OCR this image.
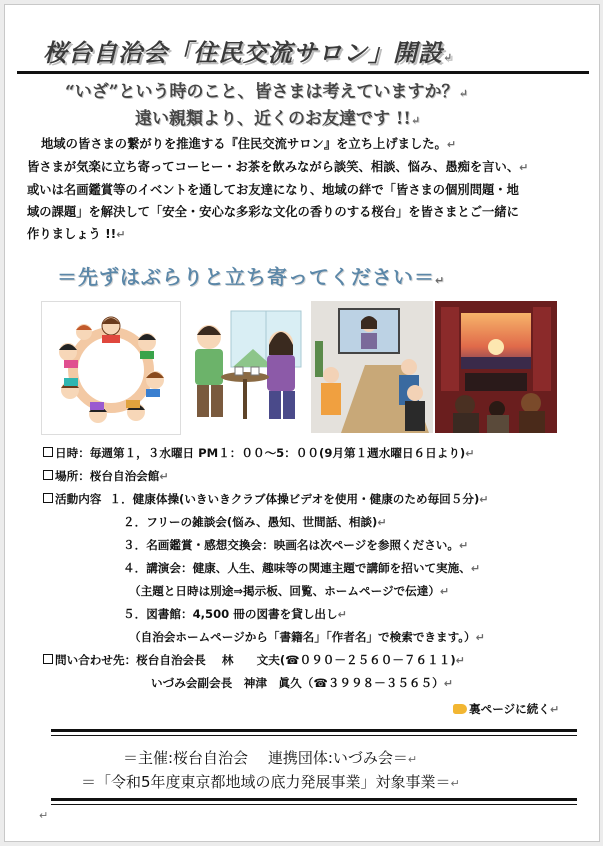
桜台自治会「住民交流サロン」開設↵
“いざ”という時のこと、皆さまは考えていますか？↵
遠い親類より、近くのお友達です !!↵

地域の皆さまの繋がりを推進する『住民交流サロン』を立ち上げました。↵

皆さまが気楽に立ち寄ってコーヒー・お茶を飲みながら談笑、相談、悩み、愚痴を言い、↵

或いは名画鑑賞等のイベントを通してお友達になり、地域の絆で「皆さまの個別問題・地

域の課題」を解決して「安全・安心な多彩な文化の香りのする桜台」を皆さまとご一緒に

作りましょう !!↵

＝先ずはぶらりと立ち寄ってください＝↵
日時：毎週第１，３水曜日 PM１：００～5：００(9月第１週水曜日６日より)↵
場所：桜台自治会館↵
活動内容 １．健康体操(いきいきクラブ体操ビデオを使用・健康のため毎回５分)↵
２．フリーの雑談会(悩み、愚知、世間話、相談)↵
３．名画鑑賞・感想交換会：映画名は次ページを参照ください。↵
４．講演会：健康、人生、趣味等の関連主題で講師を招いて実施、↵
（主題と日時は別途⇒掲示板、回覧、ホームページで伝達）↵
５．図書館：4,500 冊の図書を貸し出し↵
（自治会ホームページから「書籍名」「作者名」で検索できます。）↵
問い合わせ先：桜台自治会長 林　　文夫(☎０９０－２５６０－７６１１)↵
いづみ会副会長　神津　眞久（☎３９９８－３５６５）↵
裏ページに続く↵
＝主催:桜台自治会　 連携団体:いづみ会＝↵
＝「令和5年度東京都地域の底力発展事業」対象事業＝↵
↵
